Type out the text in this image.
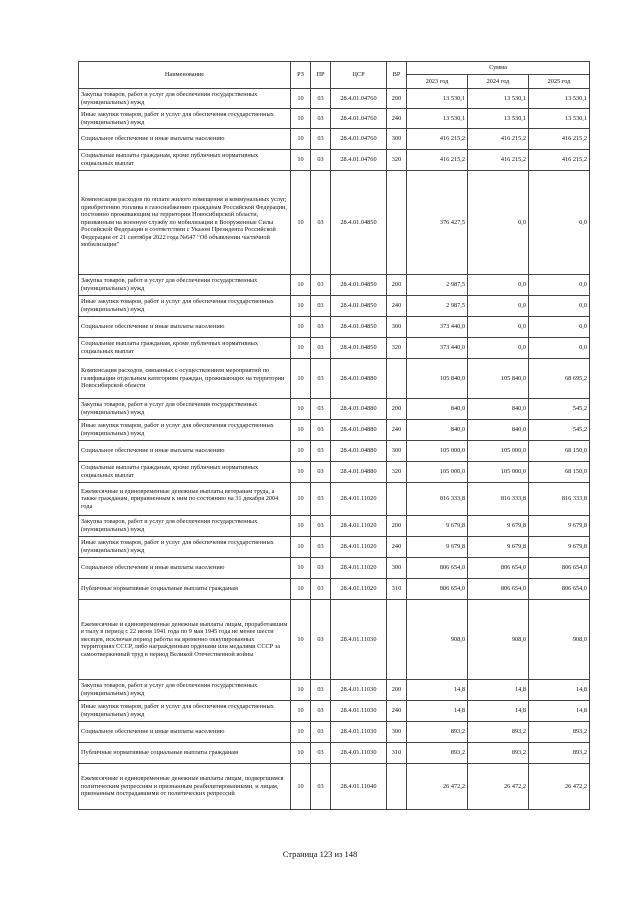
Наименование	РЗ	ПР	ЦСР	ВР	Сумма		
					2023 год	2024 год	2025 год
Закупка товаров, работ и услуг для обеспечения государственных (муниципальных) нужд	10	03	28.4.01.04760	200	13 530,1	13 530,1	13 530,1
Иные закупки товаров, работ и услуг для обеспечения государственных (муниципальных) нужд	10	03	28.4.01.04760	240	13 530,1	13 530,1	13 530,1
Социальное обеспечение и иные выплаты населению	10	03	28.4.01.04760	300	416 215,2	416 215,2	416 215,2
Социальные выплаты гражданам, кроме публичных нормативных социальных выплат	10	03	28.4.01.04760	320	416 215,2	416 215,2	416 215,2
Компенсация расходов по оплате жилого помещения и коммунальных услуг, приобретению топлива в газоснабжению гражданам Российской Федерации, постоянно проживающим на территории Новосибирской области, призванным на военную службу по мобилизации в Вооруженные Силы Российской Федерации в соответствии с Указом Президента Российской Федерации от 21 сентября 2022 года №647 "Об объявлении частичной мобилизации"	10	03	28.4.01.04850		376 427,5	0,0	0,0
Закупка товаров, работ и услуг для обеспечения государственных (муниципальных) нужд	10	03	28.4.01.04850	200	2 987,5	0,0	0,0
Иные закупки товаров, работ и услуг для обеспечения государственных (муниципальных) нужд	10	03	28.4.01.04850	240	2 987,5	0,0	0,0
Социальное обеспечение и иные выплаты населению	10	03	28.4.01.04850	300	373 440,0	0,0	0,0
Социальные выплаты гражданам, кроме публичных нормативных социальных выплат	10	03	28.4.01.04850	320	373 440,0	0,0	0,0
Компенсация расходов, связанных с осуществлением мероприятий по газификации отдельным категориям граждан, проживающих на территории Новосибирской области	10	03	28.4.01.04880		105 840,0	105 840,0	68 695,2
Закупка товаров, работ и услуг для обеспечения государственных (муниципальных) нужд	10	03	28.4.01.04880	200	840,0	840,0	545,2
Иные закупки товаров, работ и услуг для обеспечения государственных (муниципальных) нужд	10	03	28.4.01.04880	240	840,0	840,0	545,2
Социальное обеспечение и иные выплаты населению	10	03	28.4.01.04880	300	105 000,0	105 000,0	68 150,0
Социальные выплаты гражданам, кроме публичных нормативных социальных выплат	10	03	28.4.01.04880	320	105 000,0	105 000,0	68 150,0
Ежемесячные и единовременные денежные выплаты ветеранам труда, а также гражданам, приравненным к ним по состоянию на 31 декабря 2004 года	10	03	28.4.01.11020		816 333,8	816 333,8	816 333,8
Закупка товаров, работ и услуг для обеспечения государственных (муниципальных) нужд	10	03	28.4.01.11020	200	9 679,8	9 679,8	9 679,8
Иные закупки товаров, работ и услуг для обеспечения государственных (муниципальных) нужд	10	03	28.4.01.11020	240	9 679,8	9 679,8	9 679,8
Социальное обеспечение и иные выплаты населению	10	03	28.4.01.11020	300	806 654,0	806 654,0	806 654,0
Публичные нормативные социальные выплаты гражданам	10	03	28.4.01.11020	310	806 654,0	806 654,0	806 654,0
Ежемесячные и единовременные денежные выплаты лицам, проработавшим в тылу в период с 22 июня 1941 года по 9 мая 1945 года не менее шести месяцев, исключая период работы на временно оккупированных территориях СССР, либо награжденным орденами или медалями СССР за самоотверженный труд в период Великой Отечественной войны	10	03	28.4.01.11030		908,0	908,0	908,0
Закупка товаров, работ и услуг для обеспечения государственных (муниципальных) нужд	10	03	28.4.01.11030	200	14,8	14,8	14,8
Иные закупки товаров, работ и услуг для обеспечения государственных (муниципальных) нужд	10	03	28.4.01.11030	240	14,8	14,8	14,8
Социальное обеспечение и иные выплаты населению	10	03	28.4.01.11030	300	893,2	893,2	893,2
Публичные нормативные социальные выплаты гражданам	10	03	28.4.01.11030	310	893,2	893,2	893,2
Ежемесячные и единовременные денежные выплаты лицам, подвергшимся политическим репрессиям и признанным реабилитированными, и лицам, признанным пострадавшими от политических репрессий	10	03	28.4.01.11040		26 472,2	26 472,2	26 472,2
Страница 123 из 148
